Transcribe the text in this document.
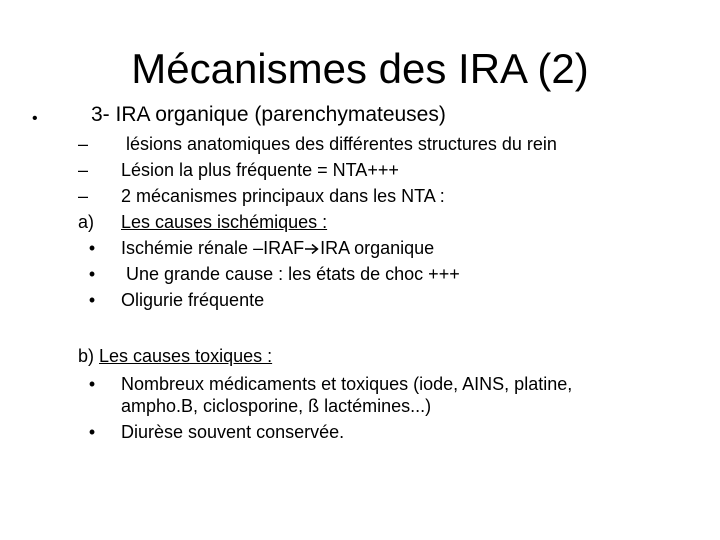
Mécanismes des IRA (2)
•	3- IRA organique (parenchymateuses)
–	lésions anatomiques des différentes structures du rein
–	Lésion la plus fréquente = NTA+++
–	2 mécanismes principaux dans les NTA :
a)	Les causes ischémiques :
• Ischémie rénale –IRAF IRA organique
• Une grande cause : les états de choc +++
• Oligurie fréquente
b) Les causes toxiques :
• Nombreux médicaments et toxiques (iode, AINS, platine,
ampho.B, ciclosporine, ß lactémines...)
• Diurèse souvent conservée.
